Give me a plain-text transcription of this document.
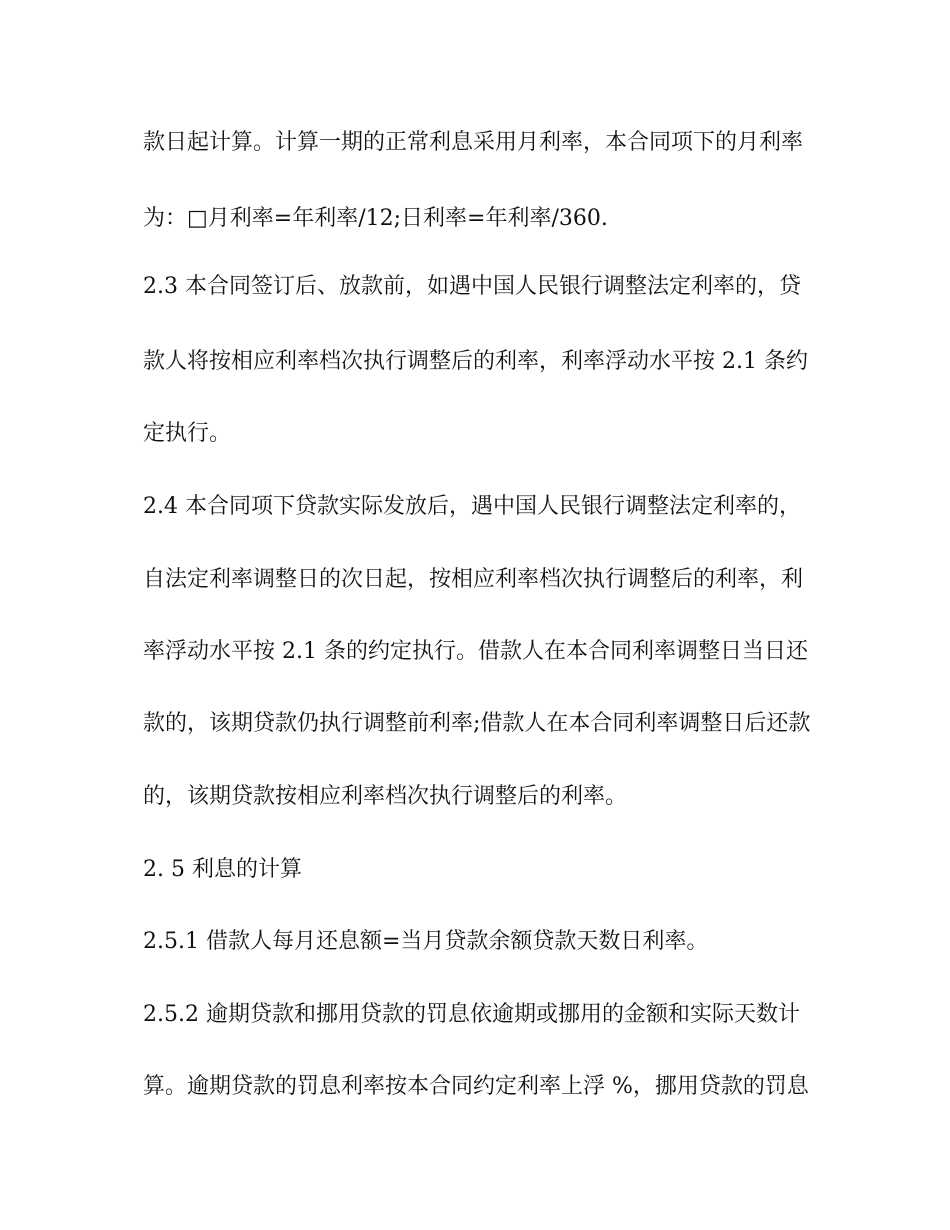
款日起计算。计算一期的正常利息采用月利率，本合同项下的月利率
为：□月利率=年利率/12;日利率=年利率/360.
2.3 本合同签订后、放款前，如遇中国人民银行调整法定利率的，贷
款人将按相应利率档次执行调整后的利率，利率浮动水平按 2.1 条约
定执行。
2.4 本合同项下贷款实际发放后，遇中国人民银行调整法定利率的，
自法定利率调整日的次日起，按相应利率档次执行调整后的利率，利
率浮动水平按 2.1 条的约定执行。借款人在本合同利率调整日当日还
款的，该期贷款仍执行调整前利率;借款人在本合同利率调整日后还款
的，该期贷款按相应利率档次执行调整后的利率。
2. 5 利息的计算
2.5.1 借款人每月还息额=当月贷款余额贷款天数日利率。
2.5.2 逾期贷款和挪用贷款的罚息依逾期或挪用的金额和实际天数计
算。逾期贷款的罚息利率按本合同约定利率上浮 %，挪用贷款的罚息
